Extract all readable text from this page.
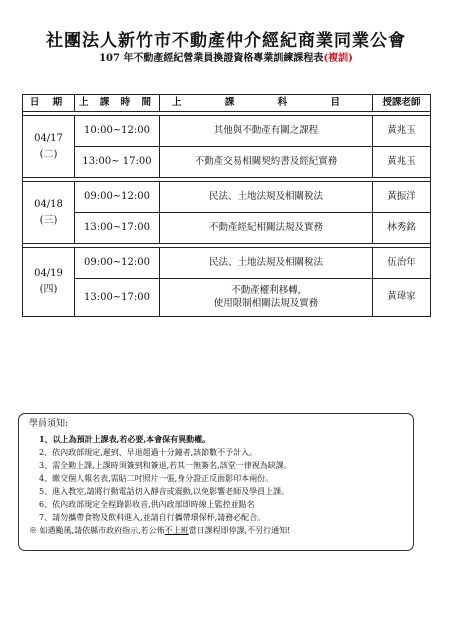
社團法人新竹市不動產仲介經紀商業同業公會
107 年不動產經紀營業員換證資格專業訓練課程表(複訓)
日 期	上 課 時 間	上 課 科 目	授課老師

04/17
(二)	10:00~12:00	其他與不動產有關之課程	黃兆玉
	13:00~ 17:00	不動產交易相關契約書及經紀實務	黃兆玉

04/18
(三)	09:00~12:00	民法、土地法規及相關稅法	黃振洋
	13:00~17:00	不動產經紀相關法規及實務	林秀銘

04/19
(四)	09:00~12:00	民法、土地法規及相關稅法	伍治年
	13:00~17:00	不動產權利移轉,
使用限制相關法規及實務	黃瑋家
學員須知:
1、以上為預計上課表,若必要,本會保有異動權。
2、依內政部規定,遲到、早退超過十分鐘者,該節數不予計入。
3、需全勤上課,上課時須簽到和簽退,若其一無簽名,該堂一律視為缺課。
4、繳交個人報名表,需貼二吋照片一張,身分證正反面影印本兩份。
5、進入教室,請將行動電話切入靜音或震動,以免影響老師及學員上課。
6、依內政部規定全程錄影收音,供內政部即時線上監控並點名
7、請勿攜帶食物及飲料進入,並請自行攜帶環保杯,請務必配合。
※ 如遇颱風,請依縣市政府指示,若公佈不上班當日課程即停課,不另行通知!
